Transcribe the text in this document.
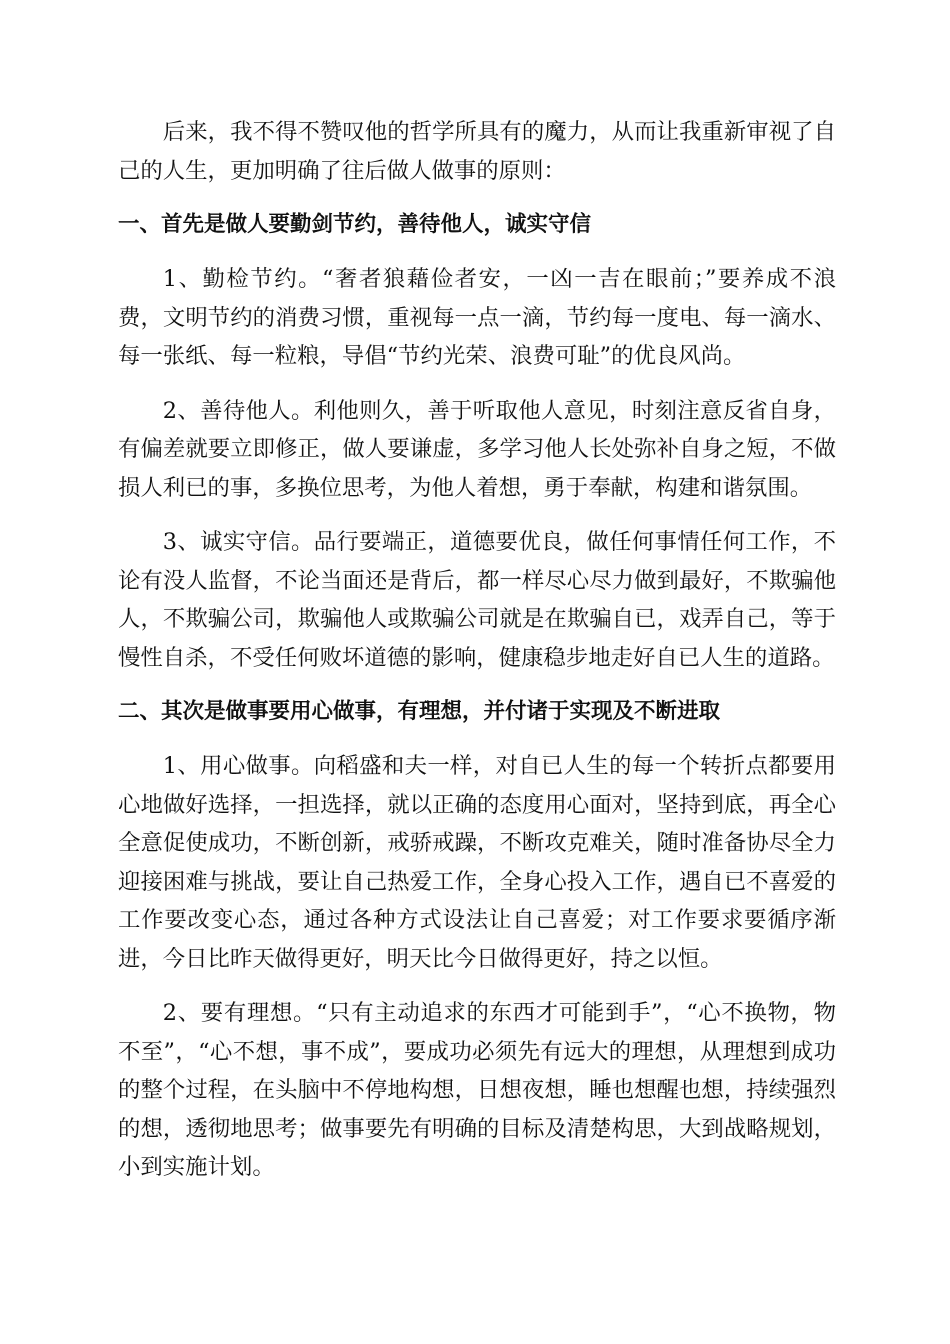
后来，我不得不赞叹他的哲学所具有的魔力，从而让我重新审视了自己的人生，更加明确了往后做人做事的原则：

一、首先是做人要勤剑节约，善待他人，诚实守信

1、勤检节约。“奢者狼藉俭者安，一凶一吉在眼前；”要养成不浪费，文明节约的消费习惯，重视每一点一滴，节约每一度电、每一滴水、每一张纸、每一粒粮，导倡“节约光荣、浪费可耻”的优良风尚。

2、善待他人。利他则久，善于听取他人意见，时刻注意反省自身，有偏差就要立即修正，做人要谦虚，多学习他人长处弥补自身之短，不做损人利已的事，多换位思考，为他人着想，勇于奉献，构建和谐氛围。

3、诚实守信。品行要端正，道德要优良，做任何事情任何工作，不论有没人监督，不论当面还是背后，都一样尽心尽力做到最好，不欺骗他人，不欺骗公司，欺骗他人或欺骗公司就是在欺骗自已，戏弄自己，等于慢性自杀，不受任何败坏道德的影响，健康稳步地走好自已人生的道路。

二、其次是做事要用心做事，有理想，并付诸于实现及不断进取

1、用心做事。向稻盛和夫一样，对自已人生的每一个转折点都要用心地做好选择，一担选择，就以正确的态度用心面对，坚持到底，再全心全意促使成功，不断创新，戒骄戒躁，不断攻克难关，随时准备协尽全力迎接困难与挑战，要让自己热爱工作，全身心投入工作，遇自已不喜爱的工作要改变心态，通过各种方式设法让自己喜爱；对工作要求要循序渐进，今日比昨天做得更好，明天比今日做得更好，持之以恒。

2、要有理想。“只有主动追求的东西才可能到手”，“心不换物，物不至”，“心不想，事不成”，要成功必须先有远大的理想，从理想到成功的整个过程，在头脑中不停地构想，日想夜想，睡也想醒也想，持续强烈的想，透彻地思考；做事要先有明确的目标及清楚构思，大到战略规划，小到实施计划。
